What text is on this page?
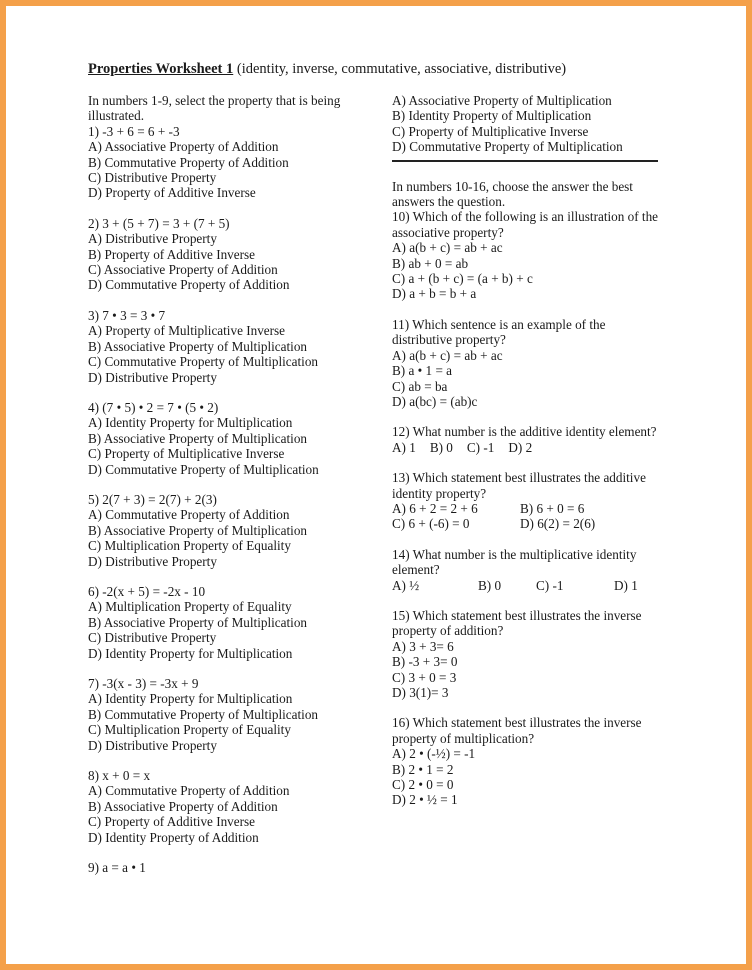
Properties Worksheet 1 (identity, inverse, commutative, associative, distributive)
In numbers 1-9, select the property that is being illustrated.
1) -3 + 6 = 6 + -3
A) Associative Property of Addition
B) Commutative Property of Addition
C) Distributive Property
D) Property of Additive Inverse
2) 3 + (5 + 7) = 3 + (7 + 5)
A) Distributive Property
B) Property of Additive Inverse
C) Associative Property of Addition
D) Commutative Property of Addition
3) 7 • 3 = 3 • 7
A) Property of Multiplicative Inverse
B) Associative Property of Multiplication
C) Commutative Property of Multiplication
D) Distributive Property
4) (7 • 5) • 2 = 7 • (5 • 2)
A) Identity Property for Multiplication
B) Associative Property of Multiplication
C) Property of Multiplicative Inverse
D) Commutative Property of Multiplication
5) 2(7 + 3) = 2(7) + 2(3)
A) Commutative Property of Addition
B) Associative Property of Multiplication
C) Multiplication Property of Equality
D) Distributive Property
6) -2(x + 5) = -2x - 10
A) Multiplication Property of Equality
B) Associative Property of Multiplication
C) Distributive Property
D) Identity Property for Multiplication
7) -3(x - 3) = -3x + 9
A) Identity Property for Multiplication
B) Commutative Property of Multiplication
C) Multiplication Property of Equality
D) Distributive Property
8) x + 0 = x
A) Commutative Property of Addition
B) Associative Property of Addition
C) Property of Additive Inverse
D) Identity Property of Addition
9) a = a • 1
A) Associative Property of Multiplication
B) Identity Property of Multiplication
C) Property of Multiplicative Inverse
D) Commutative Property of Multiplication
In numbers 10-16, choose the answer the best answers the question.
10) Which of the following is an illustration of the associative property?
A) a(b + c) = ab + ac
B) ab + 0 = ab
C) a + (b + c) = (a + b) + c
D) a + b = b + a
11) Which sentence is an example of the distributive property?
A) a(b + c) = ab + ac
B) a • 1 = a
C) ab = ba
D) a(bc) = (ab)c
12) What number is the additive identity element?
A) 1 B) 0 C) -1 D) 2
13) Which statement best illustrates the additive identity property?
A) 6 + 2 = 2 + 6	B) 6 + 0 = 6
C) 6 + (-6) = 0	D) 6(2) = 2(6)
14) What number is the multiplicative identity element?
A) ½	B) 0	C) -1	D) 1
15) Which statement best illustrates the inverse property of addition?
A) 3 + 3= 6
B) -3 + 3= 0
C) 3 + 0 = 3
D) 3(1)= 3
16) Which statement best illustrates the inverse property of multiplication?
A) 2 • (-½) = -1
B) 2 • 1 = 2
C) 2 • 0 = 0
D) 2 • ½ = 1
